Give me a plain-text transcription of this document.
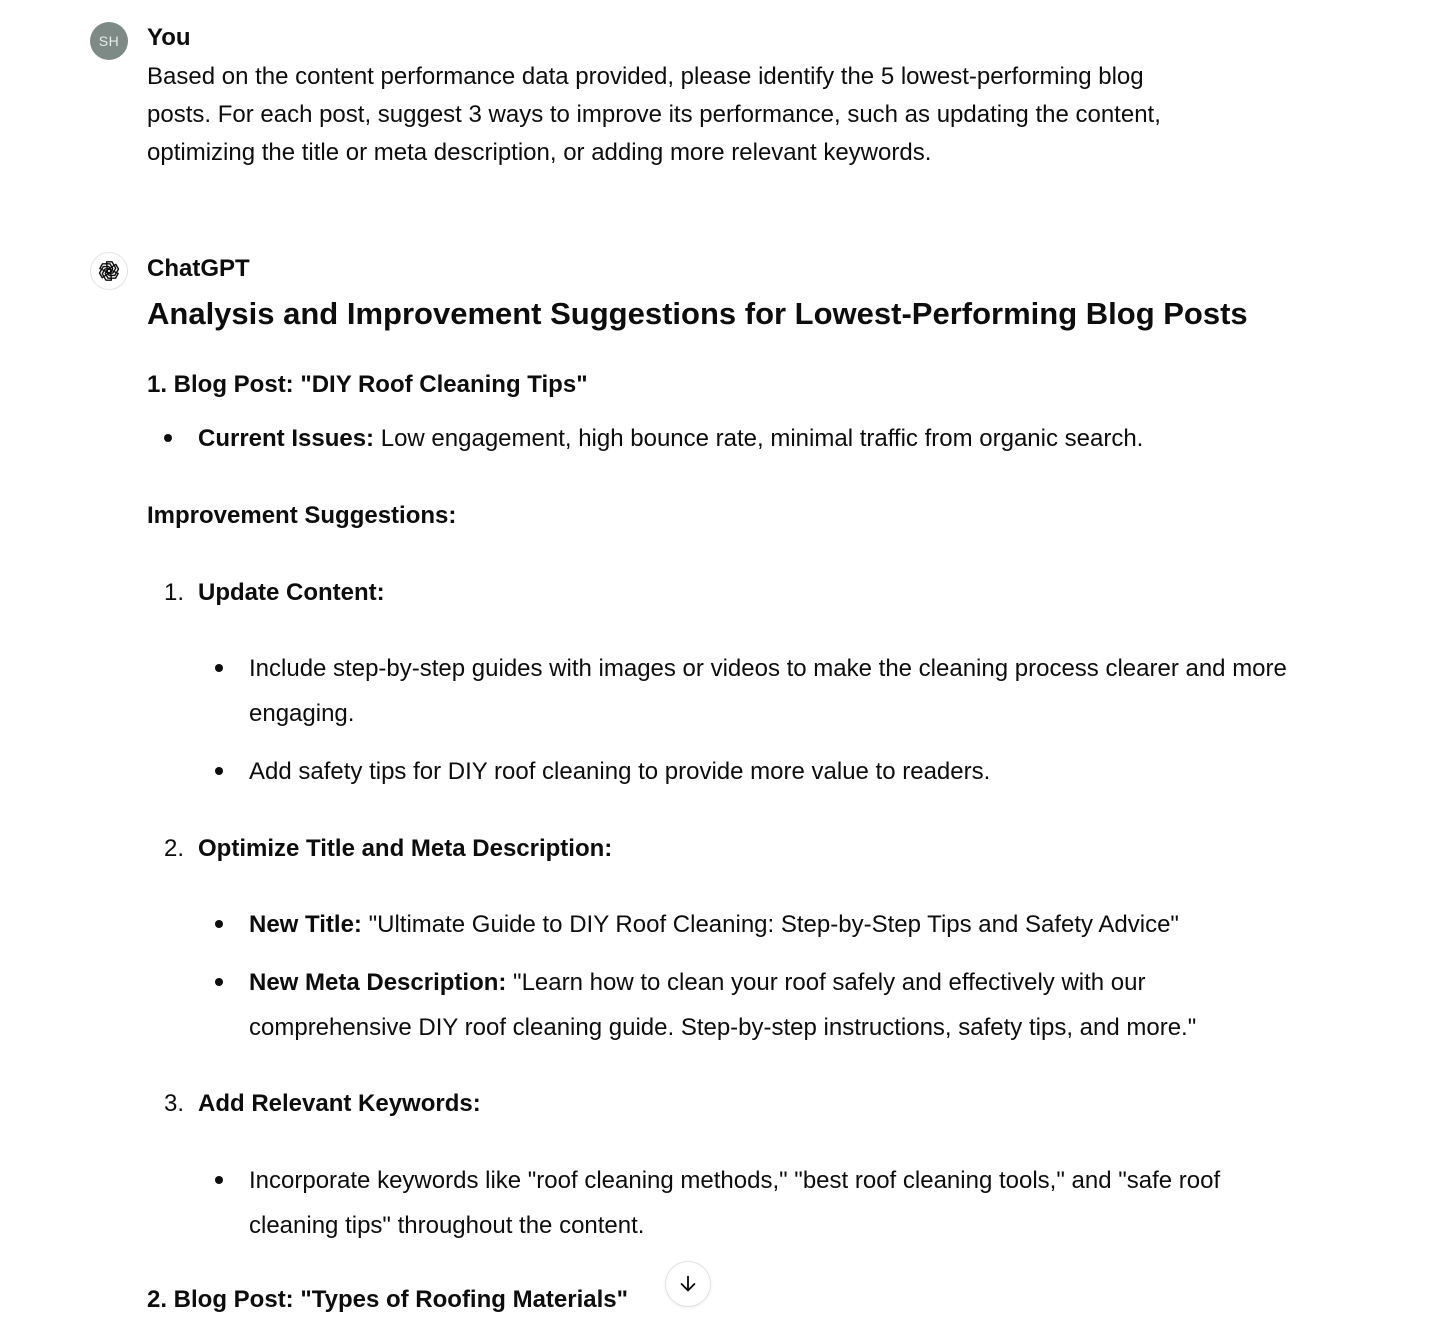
SH You
Based on the content performance data provided, please identify the 5 lowest-performing blog posts. For each post, suggest 3 ways to improve its performance, such as updating the content, optimizing the title or meta description, or adding more relevant keywords.
ChatGPT
Analysis and Improvement Suggestions for Lowest-Performing Blog Posts
1. Blog Post: "DIY Roof Cleaning Tips"
Current Issues: Low engagement, high bounce rate, minimal traffic from organic search.
Improvement Suggestions:
1. Update Content:
Include step-by-step guides with images or videos to make the cleaning process clearer and more engaging.
Add safety tips for DIY roof cleaning to provide more value to readers.
2. Optimize Title and Meta Description:
New Title: "Ultimate Guide to DIY Roof Cleaning: Step-by-Step Tips and Safety Advice"
New Meta Description: "Learn how to clean your roof safely and effectively with our comprehensive DIY roof cleaning guide. Step-by-step instructions, safety tips, and more."
3. Add Relevant Keywords:
Incorporate keywords like "roof cleaning methods," "best roof cleaning tools," and "safe roof cleaning tips" throughout the content.
2. Blog Post: "Types of Roofing Materials"
